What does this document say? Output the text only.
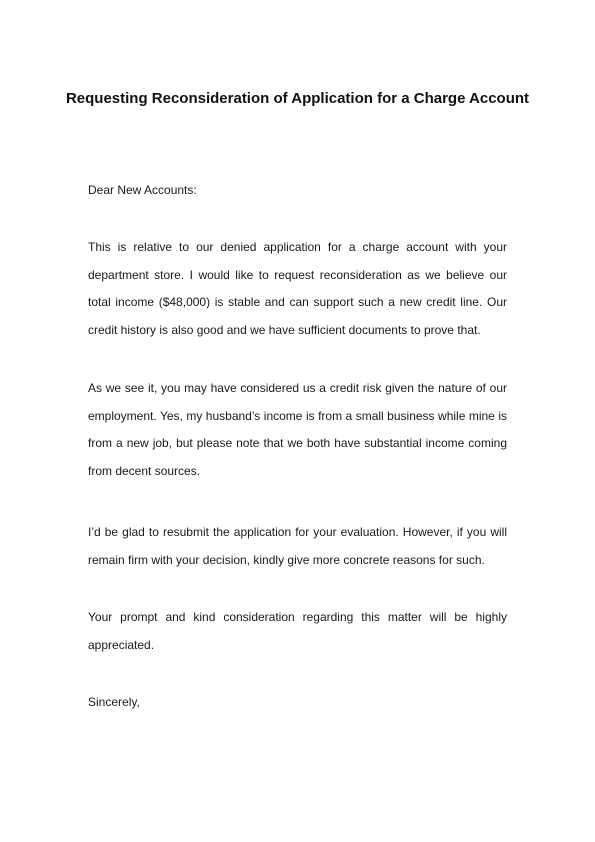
Requesting Reconsideration of Application for a Charge Account

Dear New Accounts:

This is relative to our denied application for a charge account with your department store. I would like to request reconsideration as we believe our total income ($48,000) is stable and can support such a new credit line. Our credit history is also good and we have sufficient documents to prove that.

As we see it, you may have considered us a credit risk given the nature of our employment. Yes, my husband’s income is from a small business while mine is from a new job, but please note that we both have substantial income coming from decent sources.

I’d be glad to resubmit the application for your evaluation. However, if you will remain firm with your decision, kindly give more concrete reasons for such.

Your prompt and kind consideration regarding this matter will be highly appreciated.

Sincerely,
